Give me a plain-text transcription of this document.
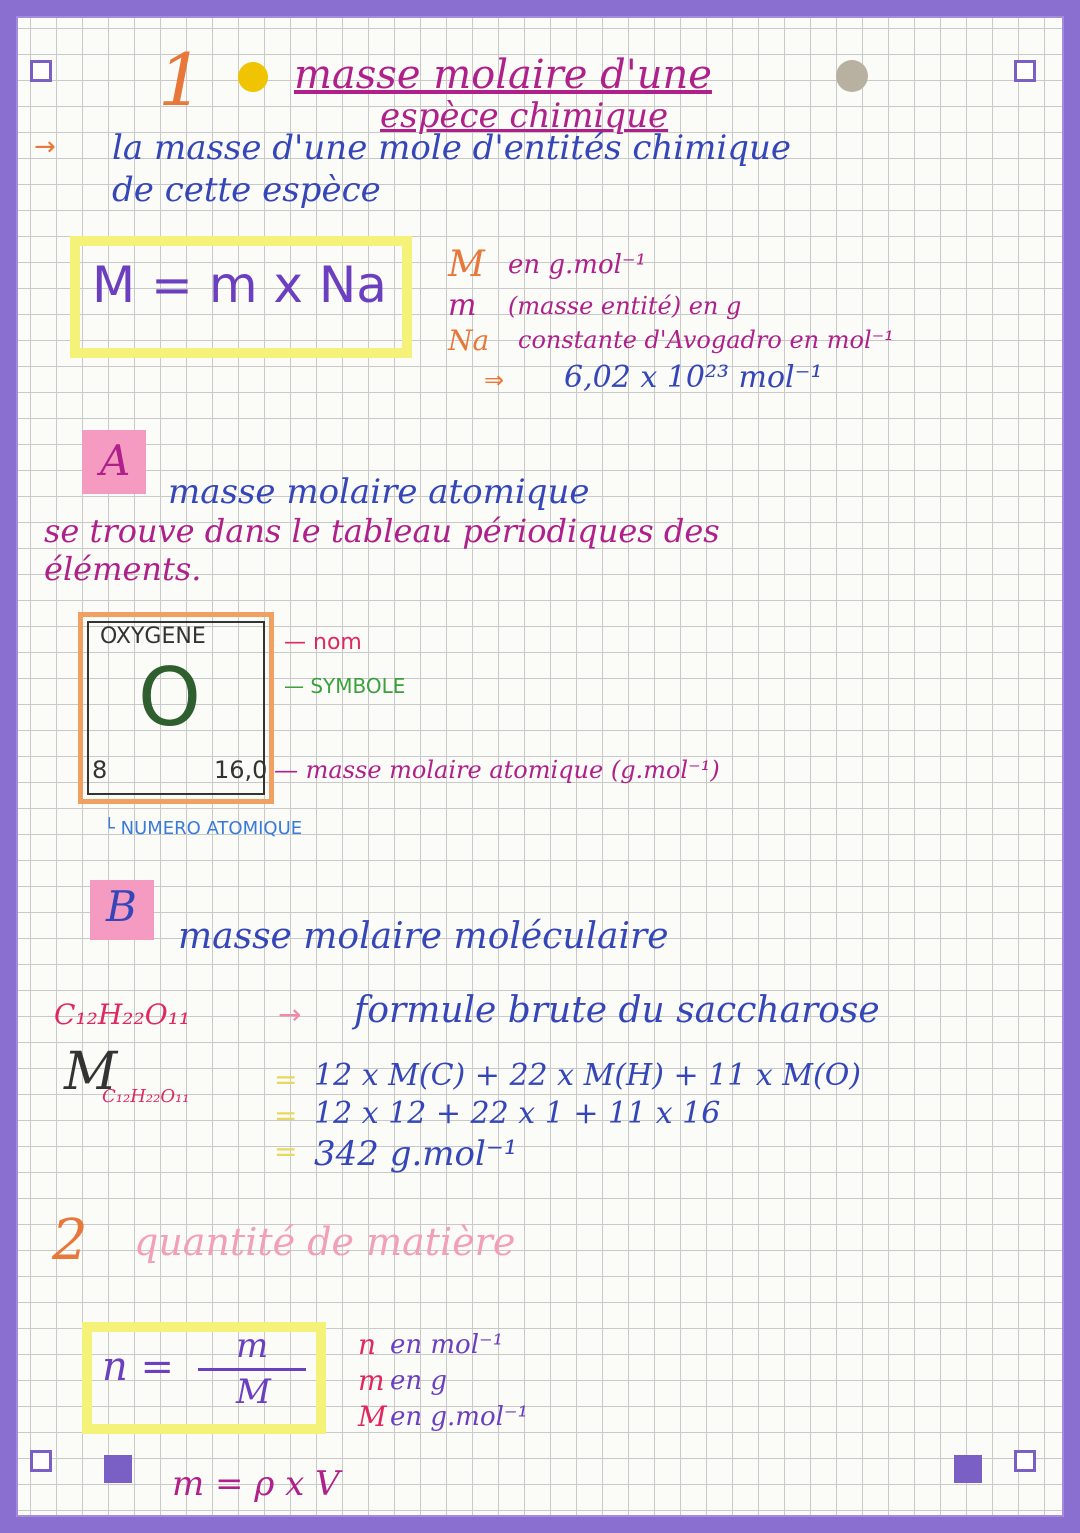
1 masse molaire d'une
espèce chimique
→ la masse d'une mole d'entités chimique
de cette espèce
M = m x Na M en g.mol⁻¹
m (masse entité) en g
Na constante d'Avogadro en mol⁻¹
⇒ 6,02 x 10²³ mol⁻¹
A
masse molaire atomique
se trouve dans le tableau périodiques des
éléments.
OXYGENE
O
8	16,0
— nom
— SYMBOLE
— masse molaire atomique (g.mol⁻¹)
└ NUMERO ATOMIQUE
B
masse molaire moléculaire
C₁₂H₂₂O₁₁	→ formule brute du saccharose
M
C₁₂H₂₂O₁₁
=
=
=
12 x M(C) + 22 x M(H) + 11 x M(O)
12 x 12 + 22 x 1 + 11 x 16
342 g.mol⁻¹
2 quantité de matière
n = m
M
n en mol⁻¹
m en g
M en g.mol⁻¹
m = ρ x V
